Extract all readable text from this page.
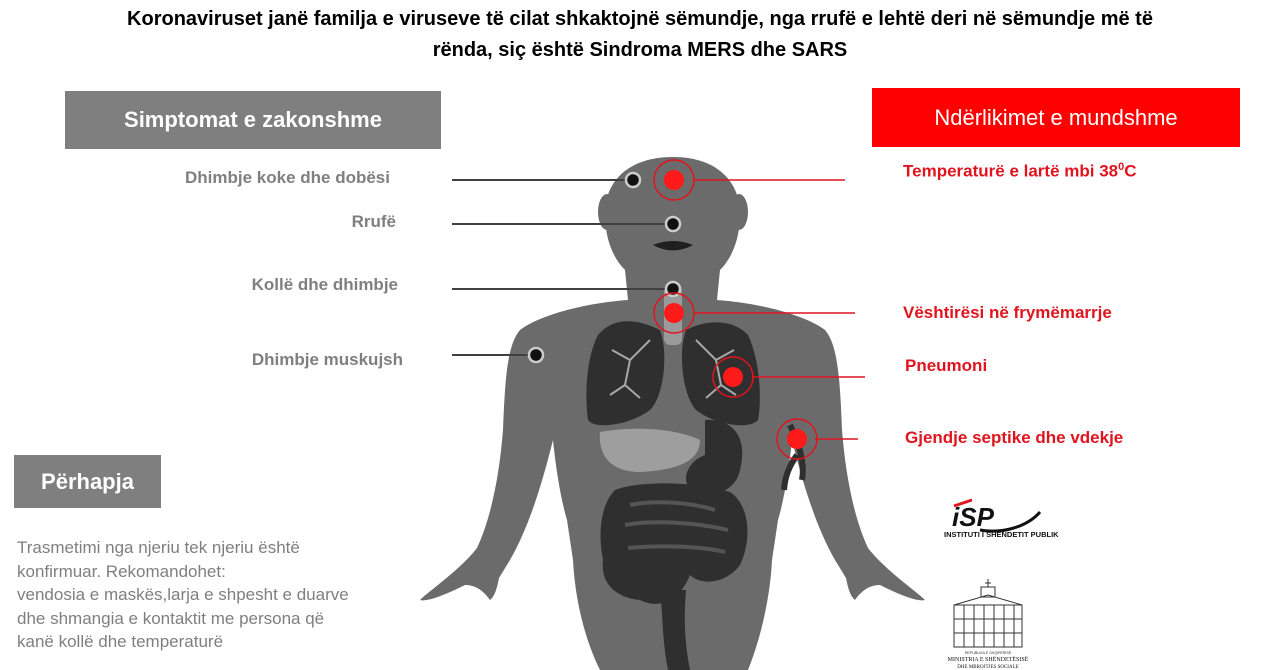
Koronaviruset janë familja e viruseve të cilat shkaktojnë sëmundje, nga rrufë e lehtë deri në sëmundje më të
rënda, siç është Sindroma MERS dhe SARS
Simptomat e zakonshme	Ndërlikimet e mundshme
Përhapja
Dhimbje koke dhe dobësi
Rrufë
Kollë dhe dhimbje
Dhimbje muskujsh
Temperaturë e lartë mbi $38^0C$
Vështirësi në frymëmarrje
Pneumoni
Gjendje septike dhe vdekje
Trasmetimi nga njeriu tek njeriu është
konfirmuar. Rekomandohet:
vendosia e maskës,larja e shpesht e duarve
dhe shmangia e kontaktit me persona që
kanë kollë dhe temperaturë
iSP
INSTITUTI I SHËNDETIT PUBLIK
REPUBLIKA E SHQIPËRISË
MINISTRIA E SHËNDETËSISË
DHE MBROJTJES SOCIALE
